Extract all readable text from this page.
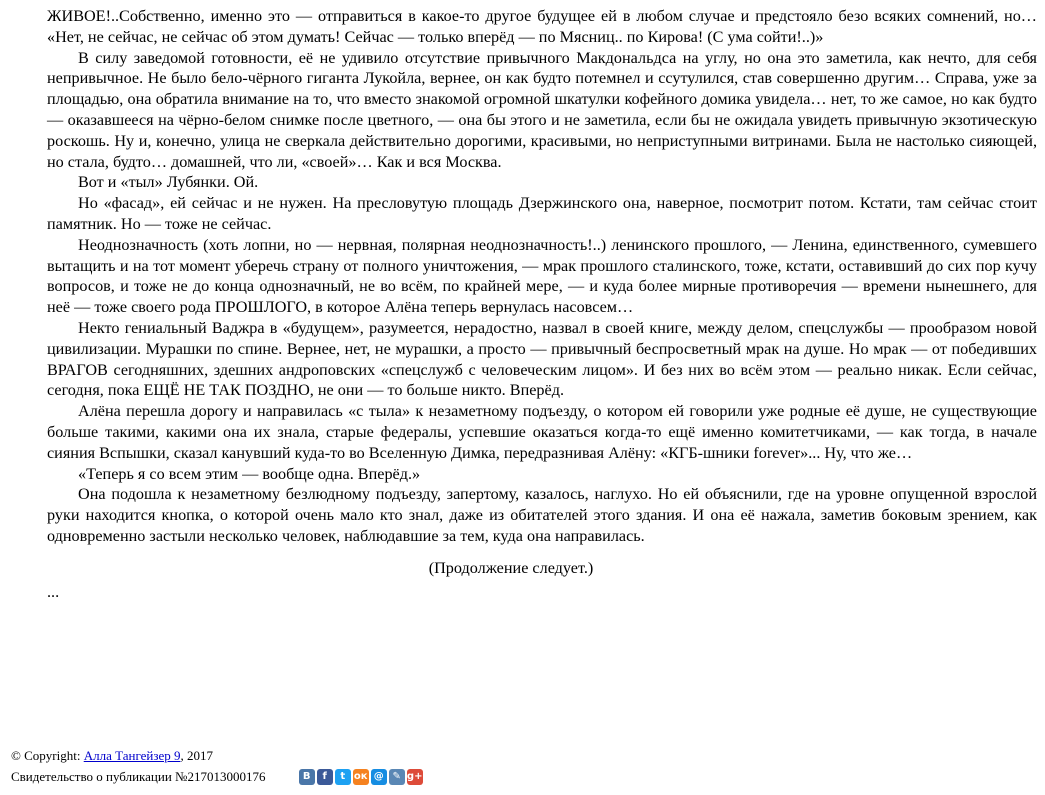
ЖИВОЕ!..Собственно, именно это — отправиться в какое-то другое будущее ей в любом случае и предстояло безо всяких сомнений, но… «Нет, не сейчас, не сейчас об этом думать! Сейчас — только вперёд — по Мясниц.. по Кирова! (С ума сойти!..)»

В силу заведомой готовности, её не удивило отсутствие привычного Макдональдса на углу, но она это заметила, как нечто, для себя непривычное. Не было бело-чёрного гиганта Лукойла, вернее, он как будто потемнел и ссутулился, став совершенно другим… Справа, уже за площадью, она обратила внимание на то, что вместо знакомой огромной шкатулки кофейного домика увидела… нет, то же самое, но как будто — оказавшееся на чёрно-белом снимке после цветного, — она бы этого и не заметила, если бы не ожидала увидеть привычную экзотическую роскошь. Ну и, конечно, улица не сверкала действительно дорогими, красивыми, но неприступными витринами. Была не настолько сияющей, но стала, будто… домашней, что ли, «своей»… Как и вся Москва.

Вот и «тыл» Лубянки. Ой.

Но «фасад», ей сейчас и не нужен. На пресловутую площадь Дзержинского она, наверное, посмотрит потом. Кстати, там сейчас стоит памятник. Но — тоже не сейчас.

Неоднозначность (хоть лопни, но — нервная, полярная неоднозначность!..) ленинского прошлого, — Ленина, единственного, сумевшего вытащить и на тот момент уберечь страну от полного уничтожения, — мрак прошлого сталинского, тоже, кстати, оставивший до сих пор кучу вопросов, и тоже не до конца однозначный, не во всём, по крайней мере, — и куда более мирные противоречия — времени нынешнего, для неё — тоже своего рода ПРОШЛОГО, в которое Алёна теперь вернулась насовсем…

Некто гениальный Ваджра в «будущем», разумеется, нерадостно, назвал в своей книге, между делом, спецслужбы — прообразом новой цивилизации. Мурашки по спине. Вернее, нет, не мурашки, а просто — привычный беспросветный мрак на душе. Но мрак — от победивших ВРАГОВ сегодняшних, здешних андроповских «спецслужб с человеческим лицом». И без них во всём этом — реально никак. Если сейчас, сегодня, пока ЕЩЁ НЕ ТАК ПОЗДНО, не они — то больше никто. Вперёд.

Алёна перешла дорогу и направилась «с тыла» к незаметному подъезду, о котором ей говорили уже родные её душе, не существующие больше такими, какими она их знала, старые федералы, успевшие оказаться когда-то ещё именно комитетчиками, — как тогда, в начале сияния Вспышки, сказал канувший куда-то во Вселенную Димка, передразнивая Алёну: «КГБ-шники forever»... Ну, что же…

«Теперь я со всем этим — вообще одна. Вперёд.»

Она подошла к незаметному безлюдному подъезду, запертому, казалось, наглухо. Но ей объяснили, где на уровне опущенной взрослой руки находится кнопка, о которой очень мало кто знал, даже из обитателей этого здания. И она её нажала, заметив боковым зрением, как одновременно застыли несколько человек, наблюдавшие за тем, куда она направилась.

(Продолжение следует.)

...

© Copyright: Алла Тангейзер 9, 2017
Свидетельство о публикации №217013000176	В	f	t ок @ ✎ g+
